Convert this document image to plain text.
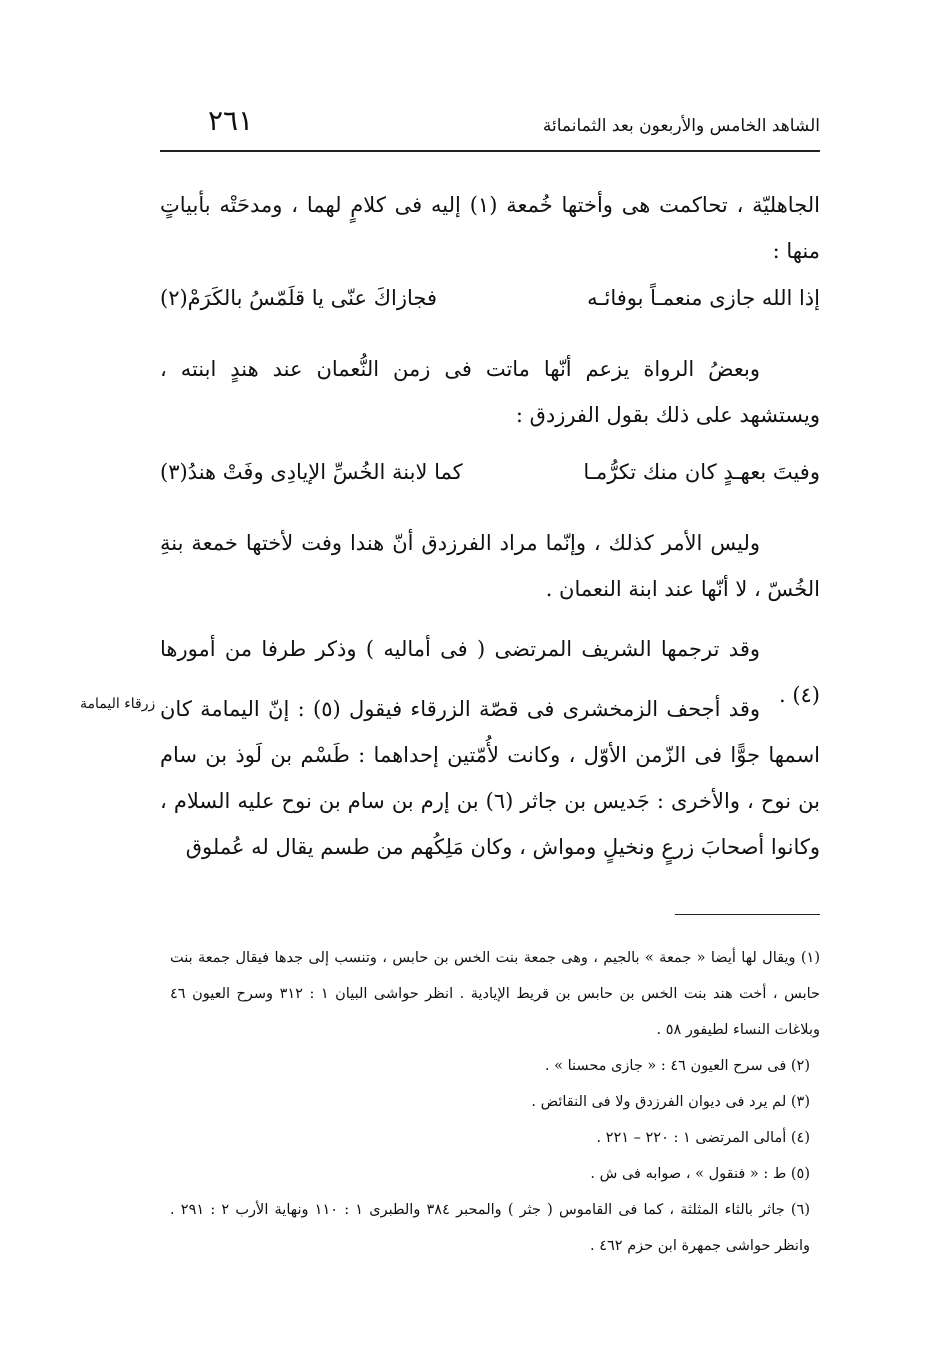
٢٦١	الشاهد الخامس والأربعون بعد الثمانمائة
الجاهليّة ، تحاكمت هى وأختها خُمعة (١) إليه فى كلامٍ لهما ، ومدحَتْه بأبياتٍ منها :
إذا الله جازى منعمـاً بوفائـه
فجازاكَ عنّى يا قلَمّسُ بالكَرَمْ(٢)
وبعضُ الرواة يزعم أنّها ماتت فى زمن النُّعمان عند هندٍ ابنته ، ويستشهد على ذلك بقول الفرزدق :
وفيتَ بعهـدٍ كان منك تكرُّمـا
كما لابنة الخُسِّ الإيادِى وفَتْ هندُ(٣)
وليس الأمر كذلك ، وإنّما مراد الفرزدق أنّ هندا وفت لأختها خمعة بنةِ الخُسّ ، لا أنّها عند ابنة النعمان .
وقد ترجمها الشريف المرتضى ( فى أماليه ) وذكر طرفا من أمورها (٤) .
زرقاء اليمامة وقد أجحف الزمخشرى فى قصّة الزرقاء فيقول (٥) : إنّ اليمامة كان اسمها جوًّا فى الزّمن الأوّل ، وكانت لأُمّتين إحداهما : طَسْم بن لَوذ بن سام بن نوح ، والأخرى : جَديس بن جاثر (٦) بن إرم بن سام بن نوح عليه السلام ، وكانوا أصحابَ زرعٍ ونخيلٍ ومواش ، وكان مَلِكُهم من طسم يقال له عُملوق

(١) ويقال لها أيضا « جمعة » بالجيم ، وهى جمعة بنت الخس بن حابس ، وتنسب إلى جدها فيقال جمعة بنت حابس ، أخت هند بنت الخس بن حابس بن قريط الإيادية . انظر حواشى البيان ١ : ٣١٢ وسرح العيون ٤٦ وبلاغات النساء لطيفور ٥٨ .

(٢) فى سرح العيون ٤٦ : « جازى محسنا » .

(٣) لم يرد فى ديوان الفرزدق ولا فى النقائض .

(٤) أمالى المرتضى ١ : ٢٢٠ – ٢٢١ .

(٥) ط : « فنقول » ، صوابه فى ش .

(٦) جاثر بالثاء المثلثة ، كما فى القاموس ( جثر ) والمحبر ٣٨٤ والطبرى ١ : ١١٠ ونهاية الأرب ٢ : ٢٩١ . وانظر حواشى جمهرة ابن حزم ٤٦٢ .
